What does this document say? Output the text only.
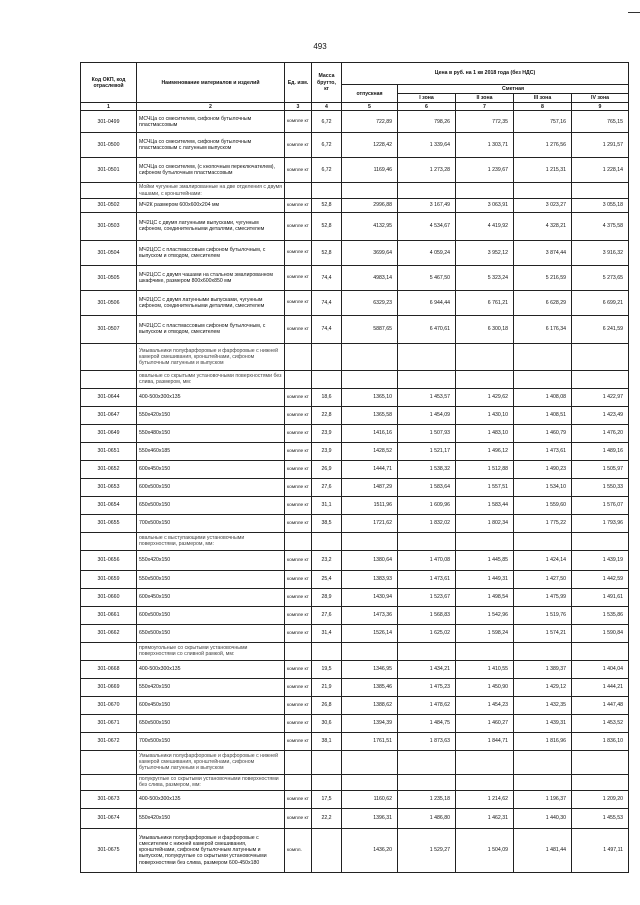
493
Код ОКП, код отраслевой	Наименование материалов и изделий	Ед. изм.	Масса брутто, кг	Цена в руб. на 1 кв 2018 года (без НДС)				
				отпускная	Сметная			
					I зона	II зона	III зона	IV зона
1	2	3	4	5	6	7	8	9
301-0499	МСЧЦа со смесителем, сифоном бутылочным пластмассовым	компле кт	6,72	722,89	798,26	772,35	757,16	765,15
301-0500	МСЧЦа со смесителем, сифоном бутылочным пластмассовым с латунным выпуском	компле кт	6,72	1228,42	1 339,64	1 303,71	1 276,56	1 291,57
301-0501	МСЧЦа со смесителем, (с кнопочным переключателем), сифоном бутылочным пластмассовым	компле кт	6,72	1169,46	1 273,28	1 239,67	1 215,31	1 228,14
	Мойки чугунные эмалированные на две отделения с двумя чашами, с кронштейнами:							
301-0502	МЧ2К размером 600х600х204 мм	компле кт	52,8	2996,88	3 167,49	3 063,91	3 023,27	3 055,18
301-0503	МЧ2ЦС с двумя латунными выпусками, чугунным сифоном, соединительными деталями, смесителем	компле кт	52,8	4132,95	4 534,67	4 419,92	4 328,21	4 375,58
301-0504	МЧ2ЦСС с пластмассовым сифоном бутылочным, с выпуском и отводом, смесителем	компле кт	52,8	3699,64	4 059,24	3 952,12	3 874,44	3 916,32
301-0505	МЧ2ЦСС с двумя чашами на стальном эмалированном шкафчике, размером 800х600х850 мм	компле кт	74,4	4983,14	5 467,50	5 323,24	5 216,59	5 273,65
301-0506	МЧ2ЦСС с двумя латунными выпусками, чугунным сифоном, соединительными деталями, смесителем	компле кт	74,4	6329,23	6 944,44	6 761,21	6 628,29	6 699,21
301-0507	МЧ2ЦСС с пластмассовым сифоном бутылочным, с выпуском и отводом, смесителем	компле кт	74,4	5887,65	6 470,61	6 300,18	6 176,34	6 241,59
	Умывальники полуфарфоровые и фарфоровые с нижней камерой смешивания, кронштейнами, сифоном бутылочным латунным и выпуском							
	овальные со скрытыми установочными поверхностями без слива, размером, мм:							
301-0644	400-500х300х135	компле кт	18,6	1365,10	1 453,57	1 429,62	1 408,08	1 422,97
301-0647	550х420х150	компле кт	22,8	1365,58	1 454,09	1 430,10	1 408,51	1 423,49
301-0649	550х480х150	компле кт	23,9	1416,16	1 507,93	1 483,10	1 460,79	1 476,20
301-0651	550х460х185	компле кт	23,9	1428,52	1 521,17	1 496,12	1 473,61	1 489,16
301-0652	600х450х150	компле кт	26,9	1444,71	1 538,32	1 512,88	1 490,23	1 505,97
301-0653	600х500х150	компле кт	27,6	1487,29	1 583,64	1 557,51	1 534,10	1 550,33
301-0654	650х500х150	компле кт	31,1	1511,96	1 609,96	1 583,44	1 559,60	1 576,07
301-0655	700х500х150	компле кт	38,5	1721,62	1 832,02	1 802,34	1 775,22	1 793,96
	овальные с выступающими установочными поверхностями, размером, мм:							
301-0656	550х420х150	компле кт	23,2	1380,64	1 470,08	1 445,85	1 424,14	1 439,19
301-0659	550х500х150	компле кт	25,4	1383,93	1 473,61	1 449,31	1 427,50	1 442,59
301-0660	600х450х150	компле кт	28,9	1430,94	1 523,67	1 498,54	1 475,99	1 491,61
301-0661	600х500х150	компле кт	27,6	1473,36	1 568,83	1 542,96	1 519,76	1 535,86
301-0662	650х500х150	компле кт	31,4	1526,14	1 625,02	1 598,24	1 574,21	1 590,84
	прямоугольные со скрытыми установочными поверхностями со сливной рамкой, мм:							
301-0668	400-500х300х135	компле кт	19,5	1346,95	1 434,21	1 410,55	1 389,37	1 404,04
301-0669	550х420х150	компле кт	21,9	1385,46	1 475,23	1 450,90	1 429,12	1 444,21
301-0670	600х450х150	компле кт	26,8	1388,62	1 478,62	1 454,23	1 432,35	1 447,48
301-0671	650х500х150	компле кт	30,6	1394,39	1 484,75	1 460,27	1 439,31	1 453,52
301-0672	700х500х150	компле кт	38,1	1761,51	1 873,63	1 844,71	1 816,96	1 836,10
	Умывальники полуфарфоровые и фарфоровые с нижней камерой смешивания, кронштейнами, сифоном бутылочным латунным и выпуском							
	полукруглые со скрытыми установочными поверхностями без слива, размером, мм:							
301-0673	400-500х300х135	компле кт	17,5	1160,62	1 235,18	1 214,62	1 196,37	1 209,20
301-0674	550х420х150	компле кт	22,2	1396,31	1 486,80	1 462,31	1 440,30	1 455,53
301-0675	Умывальники полуфарфоровые и фарфоровые с смесителем с нижней камерой смешивания, кронштейнами, сифоном бутылочным латунным и выпуском, полукруглые со скрытыми установочными поверхностями без слива, размером 600-450х180	компл.		1436,20	1 529,27	1 504,09	1 481,44	1 497,11
